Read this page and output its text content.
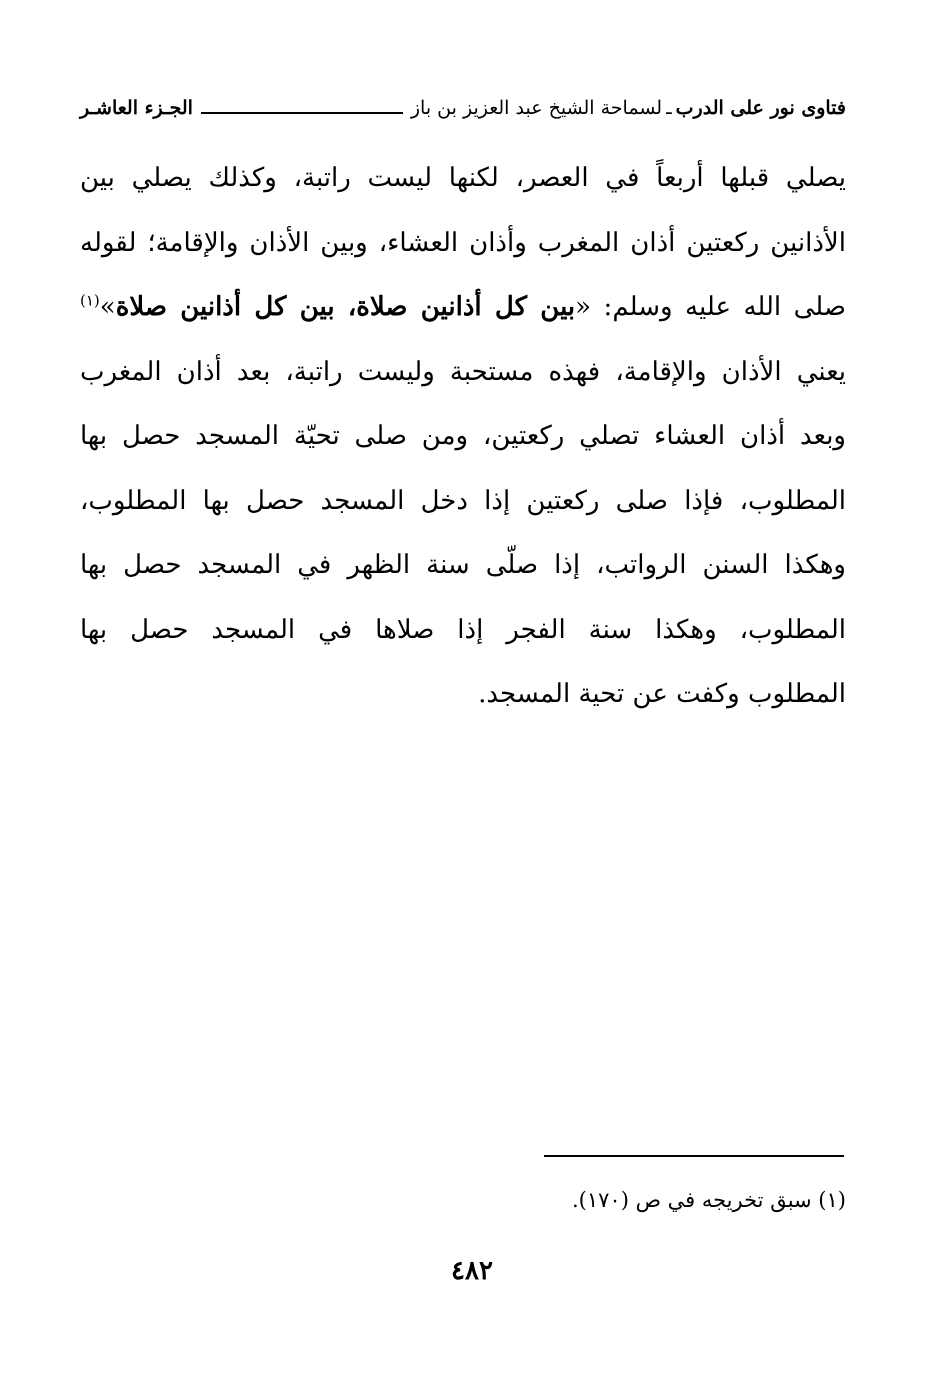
فتاوى نور على الدرب
ـ
لسماحة الشيخ عبد العزيز بن باز
الجـزء العاشـر
يصلي قبلها أربعاً في العصر، لكنها ليست راتبة، وكذلك يصلي بين
الأذانين ركعتين أذان المغرب وأذان العشاء، وبين الأذان والإقامة؛ لقوله
صلى الله عليه وسلم: «بين كل أذانين صلاة، بين كل أذانين صلاة»$^{(١)}$
يعني الأذان والإقامة، فهذه مستحبة وليست راتبة، بعد أذان المغرب
وبعد أذان العشاء تصلي ركعتين، ومن صلى تحيّة المسجد حصل بها
المطلوب، فإذا صلى ركعتين إذا دخل المسجد حصل بها المطلوب،
وهكذا السنن الرواتب، إذا صلّى سنة الظهر في المسجد حصل بها
المطلوب، وهكذا سنة الفجر إذا صلاها في المسجد حصل بها
المطلوب وكفت عن تحية المسجد.
(١) سبق تخريجه في ص (١٧٠).
٤٨٢
